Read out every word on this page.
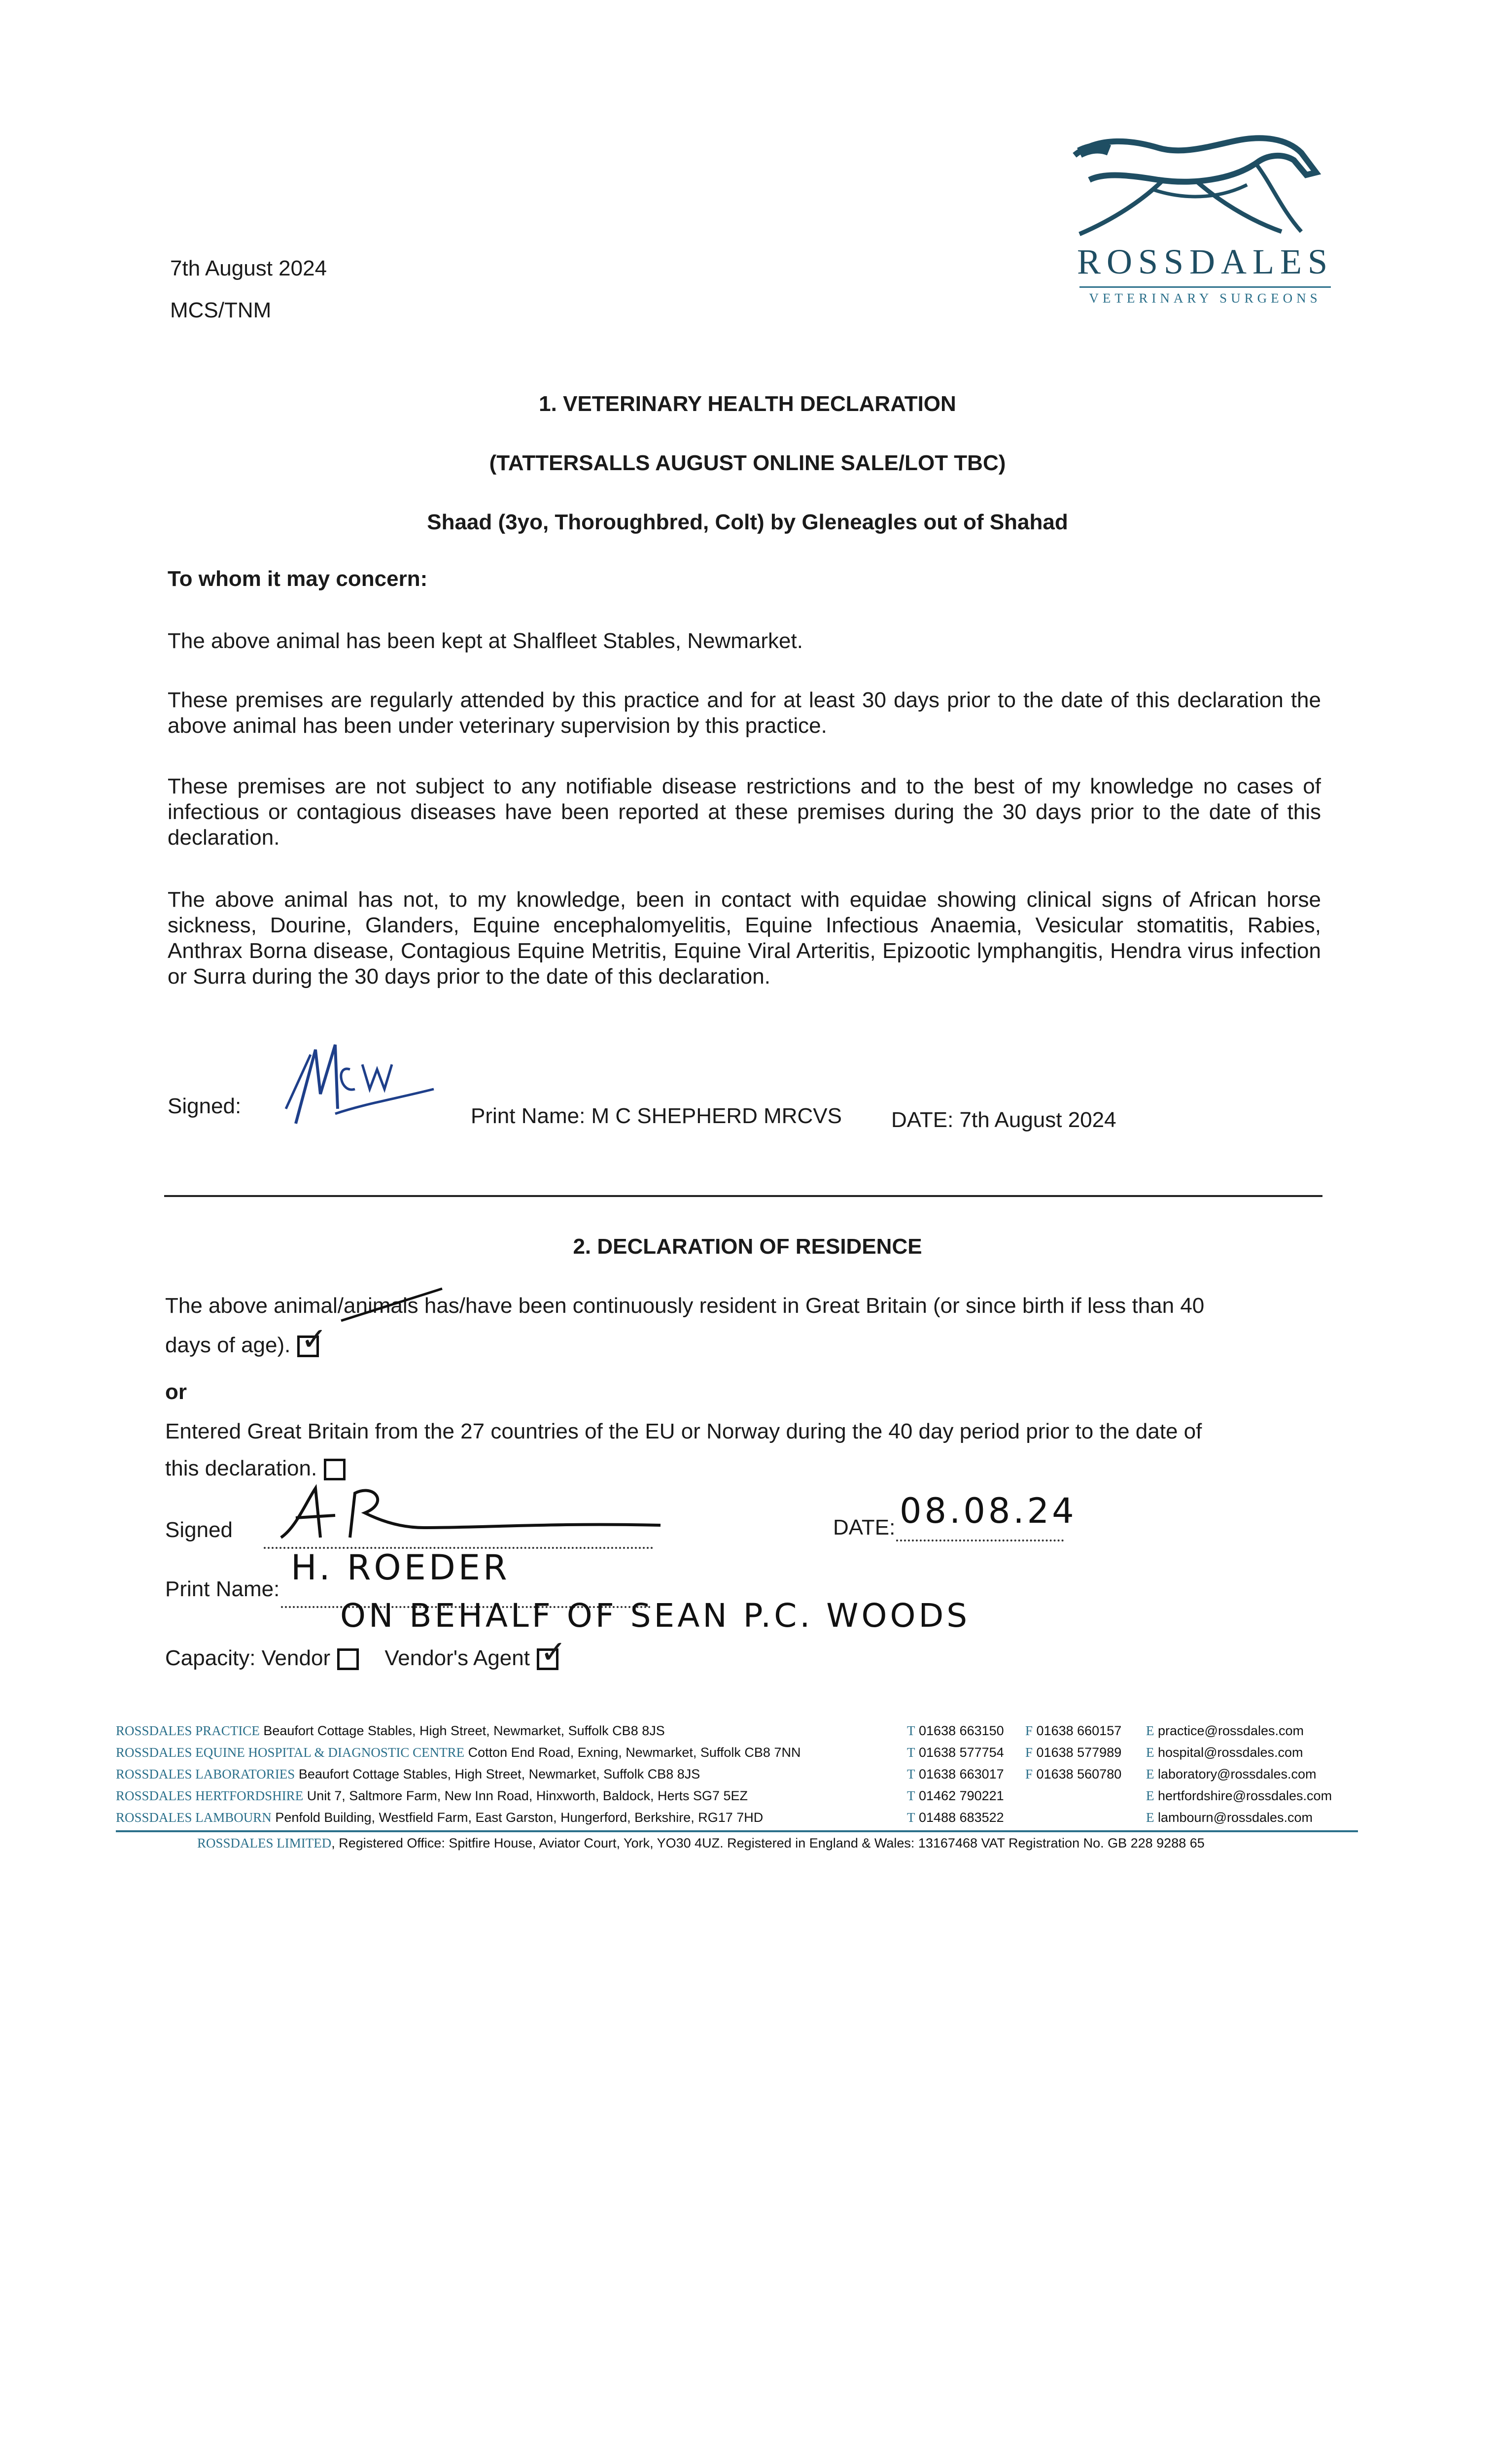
7th August 2024
MCS/TNM
ROSSDALES
VETERINARY SURGEONS
1. VETERINARY HEALTH DECLARATION
(TATTERSALLS AUGUST ONLINE SALE/LOT TBC)
Shaad (3yo, Thoroughbred, Colt) by Gleneagles out of Shahad
To whom it may concern:
The above animal has been kept at Shalfleet Stables, Newmarket.
These premises are regularly attended by this practice and for at least 30 days prior to the date of this declaration the above animal has been under veterinary supervision by this practice.
These premises are not subject to any notifiable disease restrictions and to the best of my knowledge no cases of infectious or contagious diseases have been reported at these premises during the 30 days prior to the date of this declaration.
The above animal has not, to my knowledge, been in contact with equidae showing clinical signs of African horse sickness, Dourine, Glanders, Equine encephalomyelitis, Equine Infectious Anaemia, Vesicular stomatitis, Rabies, Anthrax Borna disease, Contagious Equine Metritis, Equine Viral Arteritis, Epizootic lymphangitis, Hendra virus infection or Surra during the 30 days prior to the date of this declaration.
Signed:	Print Name: M C SHEPHERD MRCVS DATE: 7th August 2024
2. DECLARATION OF RESIDENCE
The above animal/animals
has/have been continuously resident in Great Britain (or since birth if less than 40
days of age). ✓
or
Entered Great Britain from the 27 countries of the EU or Norway during the 40 day period prior to the date of
this declaration.
Signed	DATE: 08.08.24
Print Name:
H. ROEDER
ON BEHALF OF SEAN P.C. WOODS
Capacity: Vendor	Vendor's Agent ✓
ROSSDALES PRACTICE Beaufort Cottage Stables, High Street, Newmarket, Suffolk CB8 8JS	T 01638 663150 F 01638 660157 E practice@rossdales.com
ROSSDALES EQUINE HOSPITAL & DIAGNOSTIC CENTRE Cotton End Road, Exning, Newmarket, Suffolk CB8 7NN	T 01638 577754 F 01638 577989 E hospital@rossdales.com
ROSSDALES LABORATORIES Beaufort Cottage Stables, High Street, Newmarket, Suffolk CB8 8JS	T 01638 663017 F 01638 560780 E laboratory@rossdales.com
ROSSDALES HERTFORDSHIRE Unit 7, Saltmore Farm, New Inn Road, Hinxworth, Baldock, Herts SG7 5EZ	T 01462 790221	E hertfordshire@rossdales.com
ROSSDALES LAMBOURN Penfold Building, Westfield Farm, East Garston, Hungerford, Berkshire, RG17 7HD	T 01488 683522	E lambourn@rossdales.com
ROSSDALES LIMITED, Registered Office: Spitfire House, Aviator Court, York, YO30 4UZ. Registered in England & Wales: 13167468 VAT Registration No. GB 228 9288 65
